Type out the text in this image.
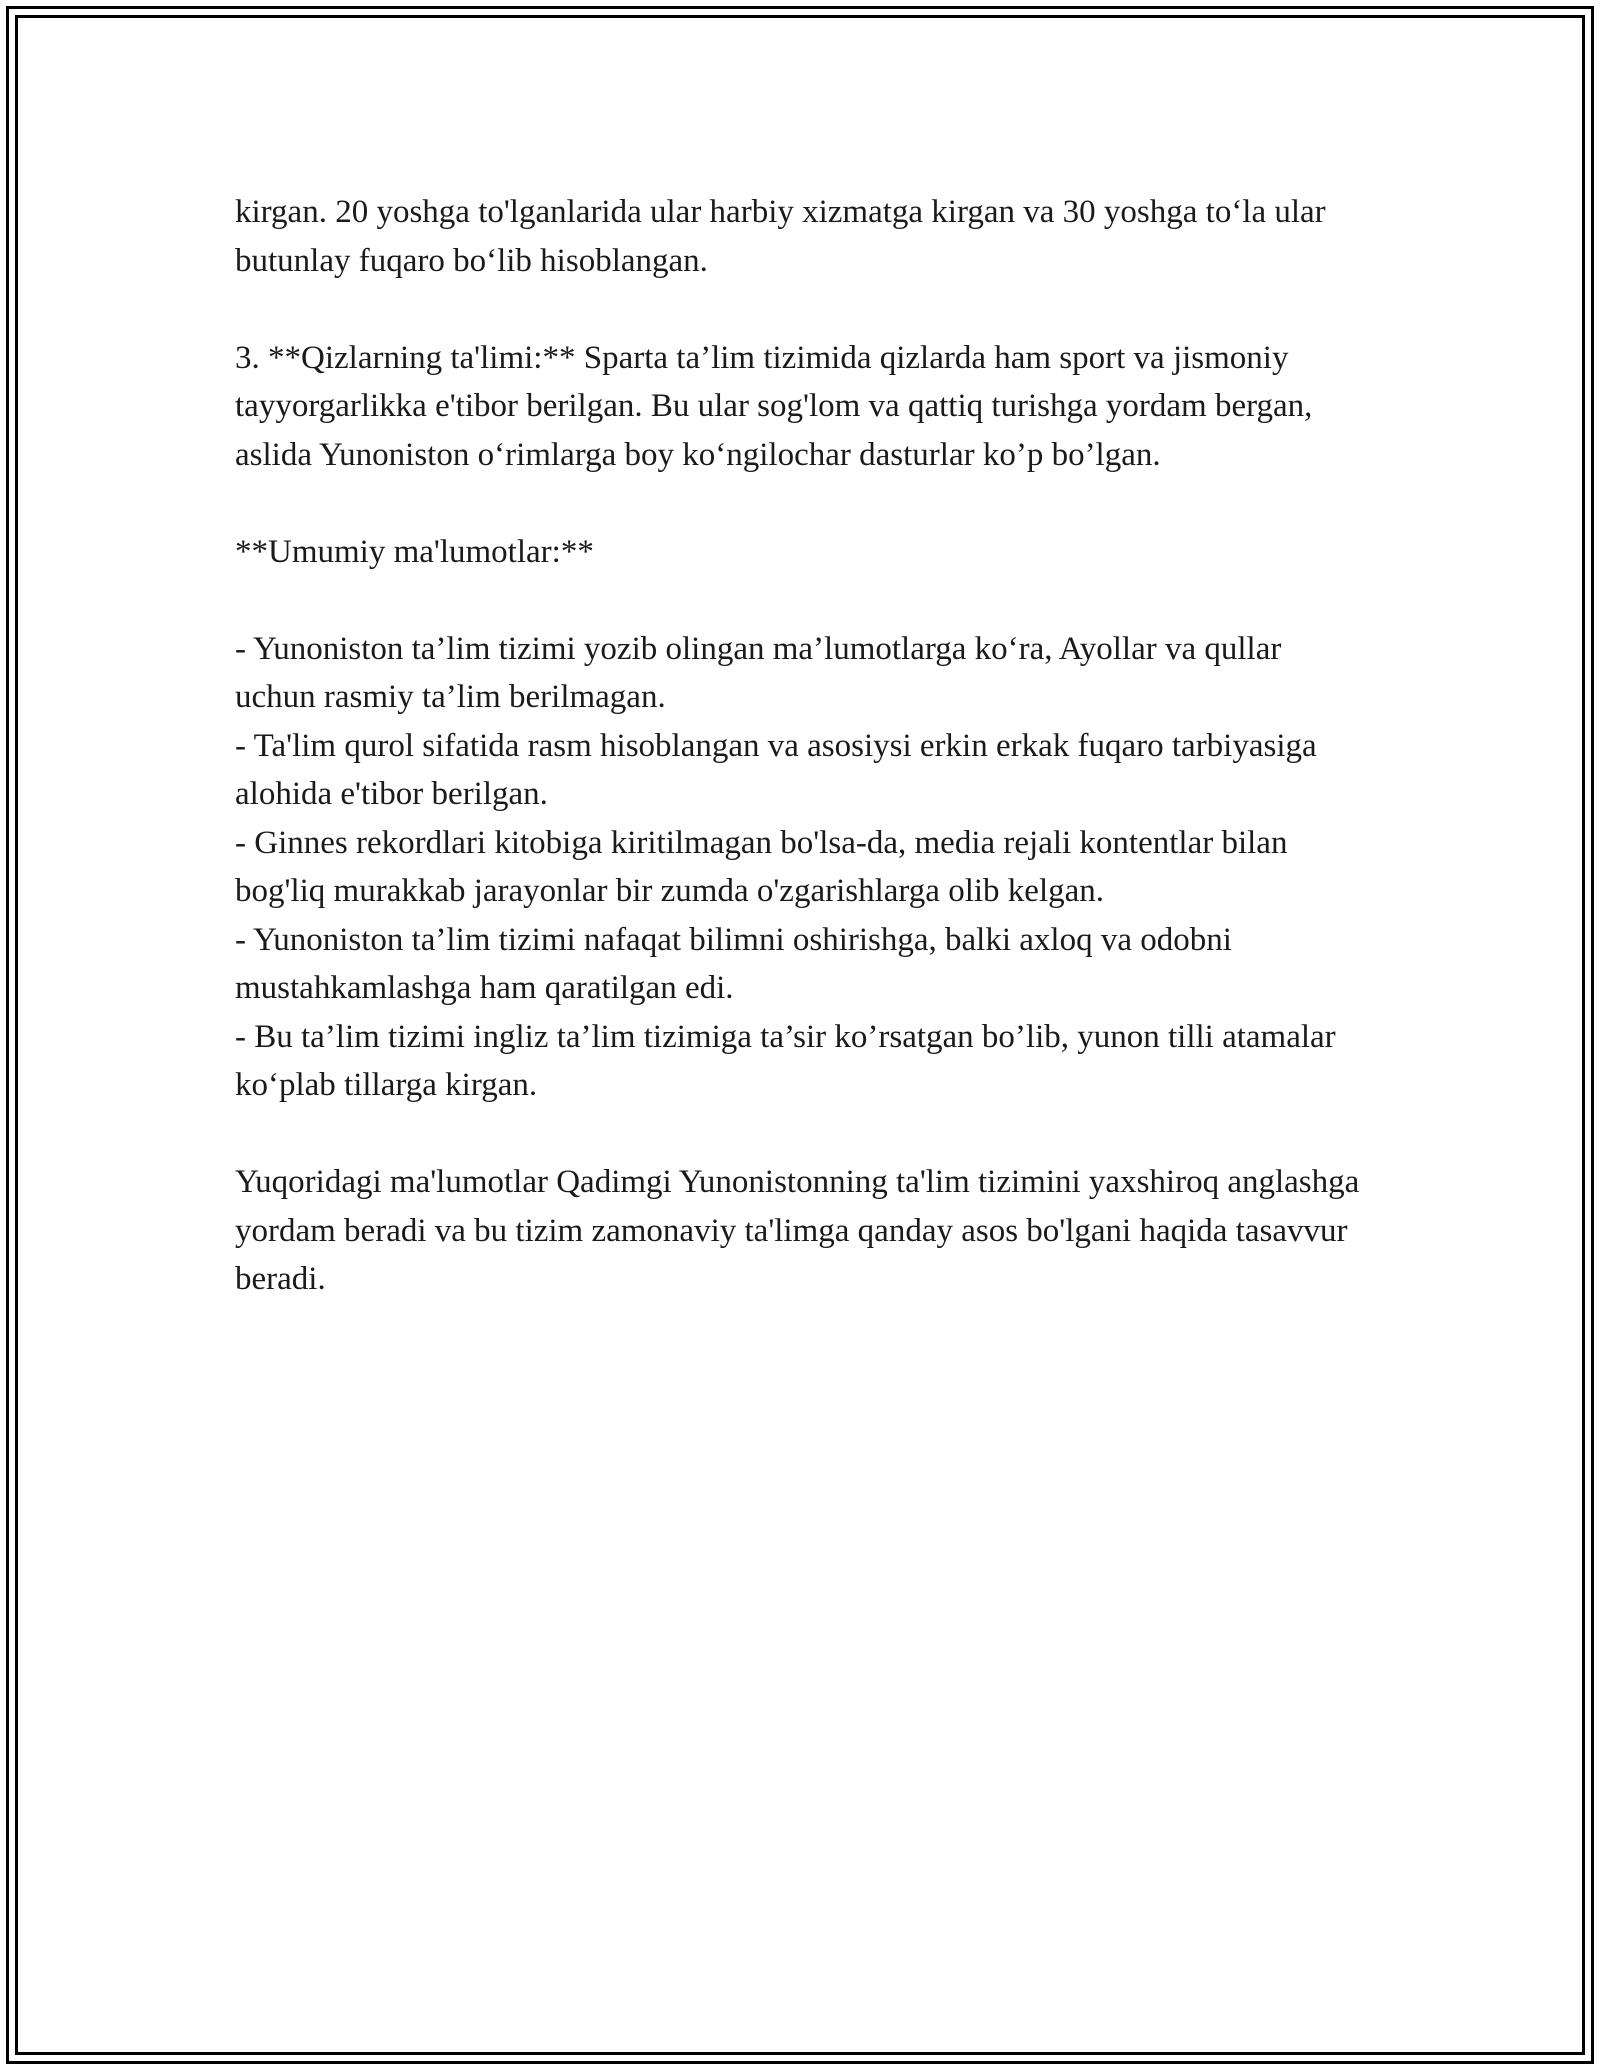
kirgan. 20 yoshga to'lganlarida ular harbiy xizmatga kirgan va 30 yoshga to‘la ular butunlay fuqaro bo‘lib hisoblangan.

3. **Qizlarning ta'limi:** Sparta ta’lim tizimida qizlarda ham sport va jismoniy tayyorgarlikka e'tibor berilgan. Bu ular sog'lom va qattiq turishga yordam bergan, aslida Yunoniston o‘rimlarga boy ko‘ngilochar dasturlar ko’p bo’lgan.

**Umumiy ma'lumotlar:**

- Yunoniston ta’lim tizimi yozib olingan ma’lumotlarga ko‘ra, Ayollar va qullar uchun rasmiy ta’lim berilmagan.

- Ta'lim qurol sifatida rasm hisoblangan va asosiysi erkin erkak fuqaro tarbiyasiga alohida e'tibor berilgan.

- Ginnes rekordlari kitobiga kiritilmagan bo'lsa-da, media rejali kontentlar bilan bog'liq murakkab jarayonlar bir zumda o'zgarishlarga olib kelgan.

- Yunoniston ta’lim tizimi nafaqat bilimni oshirishga, balki axloq va odobni mustahkamlashga ham qaratilgan edi.

- Bu ta’lim tizimi ingliz ta’lim tizimiga ta’sir ko’rsatgan bo’lib, yunon tilli atamalar ko‘plab tillarga kirgan.

Yuqoridagi ma'lumotlar Qadimgi Yunonistonning ta'lim tizimini yaxshiroq anglashga yordam beradi va bu tizim zamonaviy ta'limga qanday asos bo'lgani haqida tasavvur beradi.
